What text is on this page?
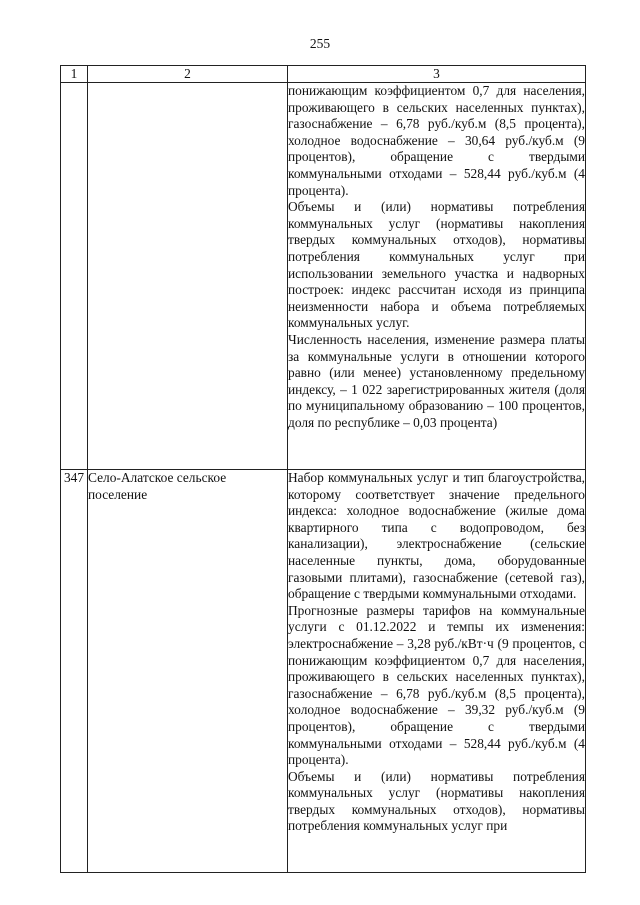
255
1	2	3

		понижающим коэффициентом 0,7 для населения, проживающего в сельских населенных пунктах), газоснабжение – 6,78 руб./куб.м (8,5 процента), холодное водоснабжение – 30,64 руб./куб.м (9 процентов), обращение с твердыми коммунальными отходами – 528,44 руб./куб.м (4 процента).

Объемы и (или) нормативы потребления коммунальных услуг (нормативы накопления твердых коммунальных отходов), нормативы потребления коммунальных услуг при использовании земельного участка и надворных построек: индекс рассчитан исходя из принципа неизменности набора и объема потребляемых коммунальных услуг.

Численность населения, изменение размера платы за коммунальные услуги в отношении которого равно (или менее) установленному предельному индексу, – 1 022 зарегистрированных жителя (доля по муниципальному образованию – 100 процентов, доля по республике – 0,03 процента)

347	Село-Алатское сельское поселение	Набор коммунальных услуг и тип благоустройства, которому соответствует значение предельного индекса: холодное водоснабжение (жилые дома квартирного типа с водопроводом, без канализации), электроснабжение (сельские населенные пункты, дома, оборудованные газовыми плитами), газоснабжение (сетевой газ), обращение с твердыми коммунальными отходами.

Прогнозные размеры тарифов на коммунальные услуги с 01.12.2022 и темпы их изменения: электроснабжение – 3,28 руб./кВт·ч (9 процентов, с понижающим коэффициентом 0,7 для населения, проживающего в сельских населенных пунктах), газоснабжение – 6,78 руб./куб.м (8,5 процента), холодное водоснабжение – 39,32 руб./куб.м (9 процентов), обращение с твердыми коммунальными отходами – 528,44 руб./куб.м (4 процента).

Объемы и (или) нормативы потребления коммунальных услуг (нормативы накопления твердых коммунальных отходов), нормативы потребления коммунальных услуг при
